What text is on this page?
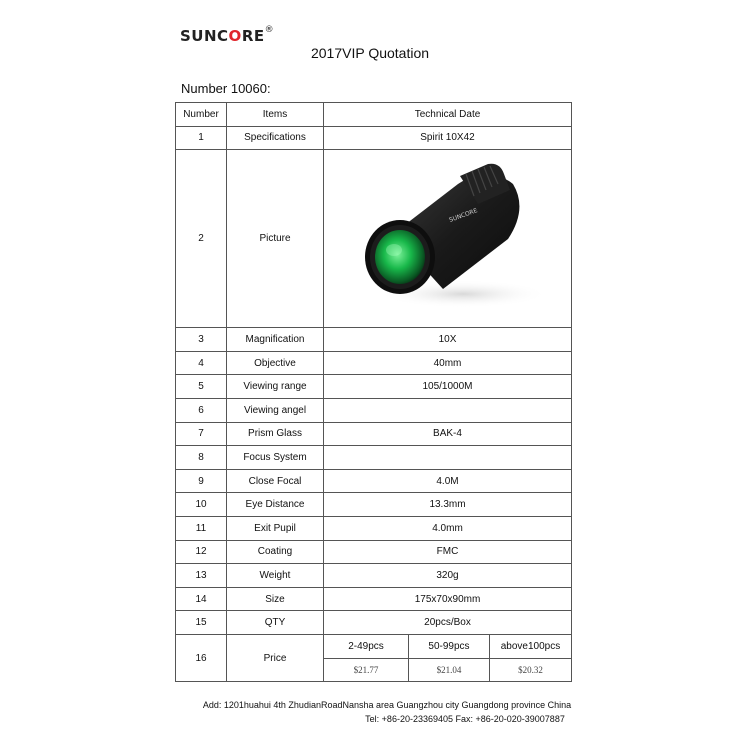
SUNCORE®
2017VIP Quotation
Number 10060:
Number	Items	Technical Date		
1	Specifications	Spirit 10X42		
2	Picture	SUNCORE		

3	Magnification	10X		
4	Objective	40mm		
5	Viewing range	105/1000M		
6	Viewing angel			
7	Prism Glass	BAK-4		
8	Focus System			
9	Close Focal	4.0M		
10	Eye Distance	13.3mm		
11	Exit Pupil	4.0mm		
12	Coating	FMC		
13	Weight	320g		
14	Size	175x70x90mm		
15	QTY	20pcs/Box		
16	Price	2-49pcs	50-99pcs	above100pcs
		$21.77	$21.04	$20.32
Add: 1201huahui 4th ZhudianRoadNansha area Guangzhou city Guangdong province China
Tel: +86-20-23369405 Fax: +86-20-020-39007887
